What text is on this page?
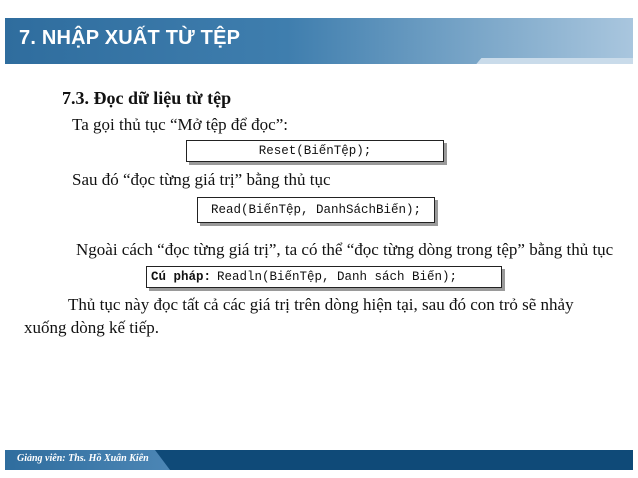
7. NHẬP XUẤT TỪ TỆP
7.3. Đọc dữ liệu từ tệp
Ta gọi thủ tục “Mở tệp để đọc”:
Reset(BiếnTệp);
Sau đó “đọc từng giá trị” bằng thủ tục
Read(BiếnTệp, DanhSáchBiến);
Ngoài cách “đọc từng giá trị”, ta có thể “đọc từng dòng trong tệp” bằng thủ tục
Cú pháp: Readln(BiếnTệp, Danh sách Biến);
Thủ tục này đọc tất cả các giá trị trên dòng hiện tại, sau đó con trỏ sẽ nhảy
xuống dòng kế tiếp.
Giảng viên: Ths. Hồ Xuân Kiên
